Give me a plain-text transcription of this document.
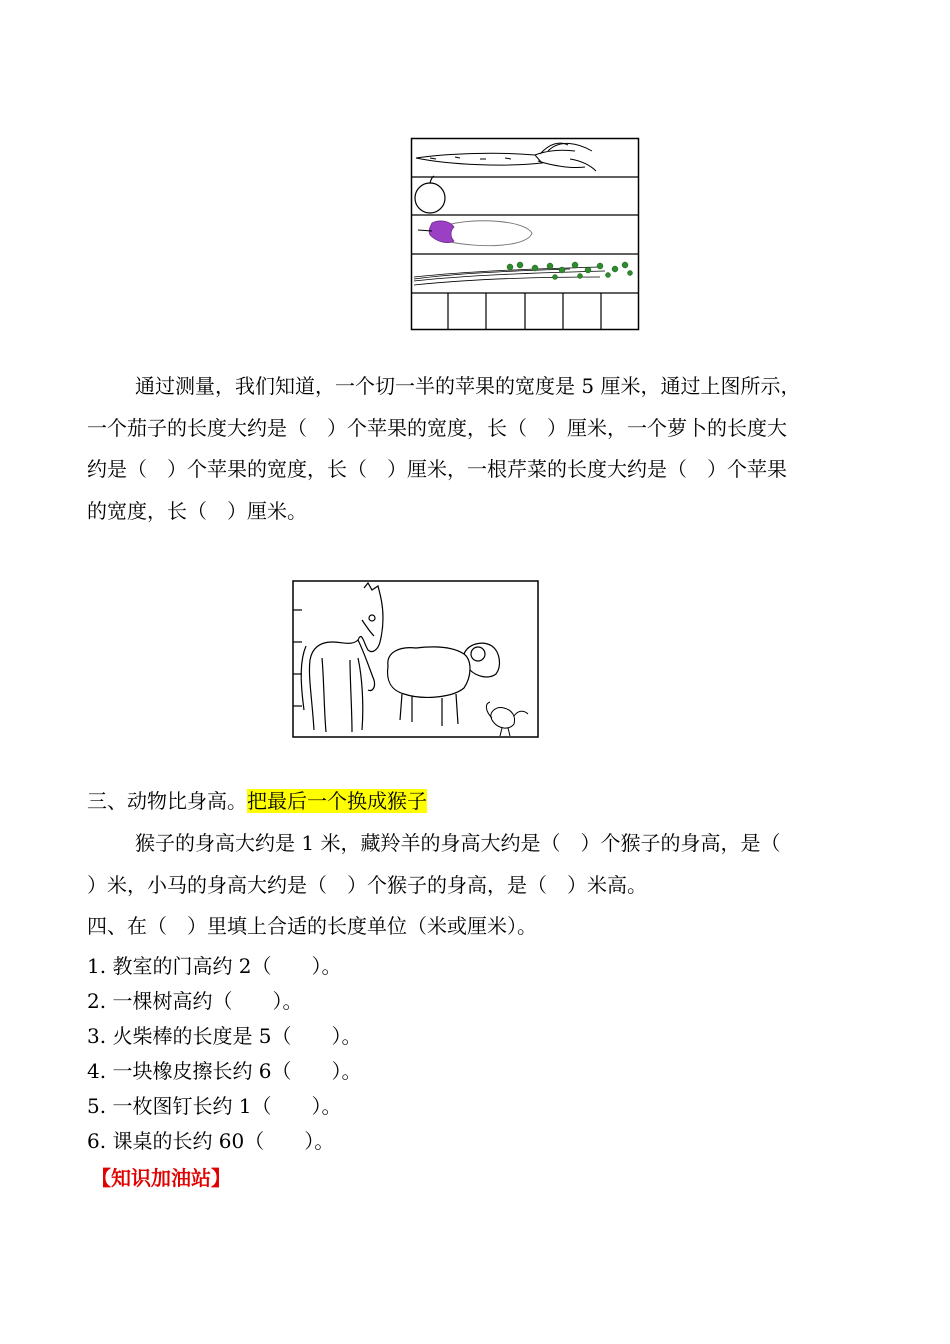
通过测量，我们知道，一个切一半的苹果的宽度是 5 厘米，通过上图所示，
一个茄子的长度大约是（　）个苹果的宽度，长（　）厘米，一个萝卜的长度大
约是（　）个苹果的宽度，长（　）厘米，一根芹菜的长度大约是（　）个苹果
的宽度，长（　）厘米。
三、动物比身高。把最后一个换成猴子
猴子的身高大约是 1 米，藏羚羊的身高大约是（　）个猴子的身高，是（
）米，小马的身高大约是（　）个猴子的身高，是（　）米高。
四、在（　）里填上合适的长度单位（米或厘米）。
1. 教室的门高约 2（　　）。
2. 一棵树高约（　　）。
3. 火柴棒的长度是 5（　　）。
4. 一块橡皮擦长约 6（　　）。
5. 一枚图钉长约 1（　　）。
6. 课桌的长约 60（　　）。
【知识加油站】
